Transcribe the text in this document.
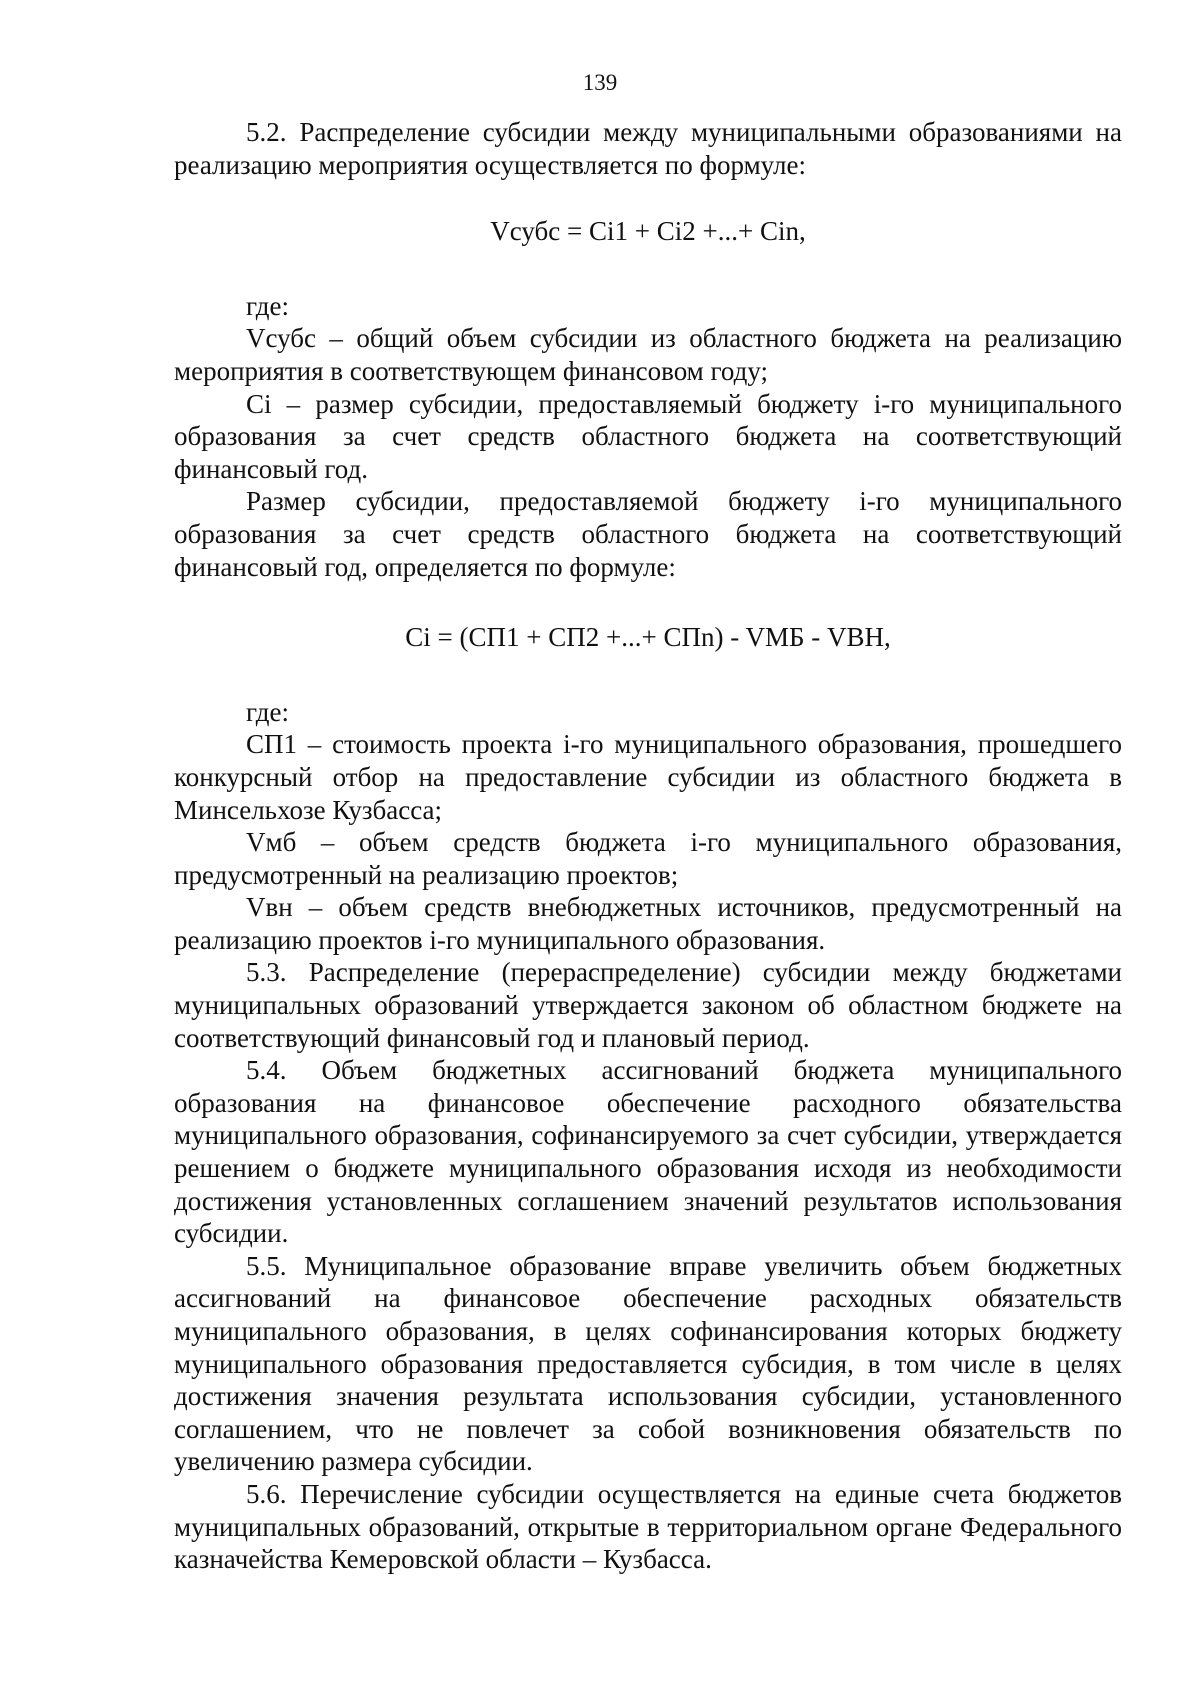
139

5.2. Распределение субсидии между муниципальными образованиями на реализацию мероприятия осуществляется по формуле:

Vсубс = Ci1 + Ci2 +...+ Cin,

где:

Vсубс – общий объем субсидии из областного бюджета на реализацию мероприятия в соответствующем финансовом году;

Ci – размер субсидии, предоставляемый бюджету i-го муниципального образования за счет средств областного бюджета на соответствующий финансовый год.

Размер субсидии, предоставляемой бюджету i-го муниципального образования за счет средств областного бюджета на соответствующий финансовый год, определяется по формуле:

Ci = (СП1 + СП2 +...+ СПn) - VМБ - VВН,

где:

СП1 – стоимость проекта i-го муниципального образования, прошедшего конкурсный отбор на предоставление субсидии из областного бюджета в Минсельхозе Кузбасса;

Vмб – объем средств бюджета i-го муниципального образования, предусмотренный на реализацию проектов;

Vвн – объем средств внебюджетных источников, предусмотренный на реализацию проектов i-го муниципального образования.

5.3. Распределение (перераспределение) субсидии между бюджетами муниципальных образований утверждается законом об областном бюджете на соответствующий финансовый год и плановый период.

5.4. Объем бюджетных ассигнований бюджета муниципального образования на финансовое обеспечение расходного обязательства муниципального образования, софинансируемого за счет субсидии, утверждается решением о бюджете муниципального образования исходя из необходимости достижения установленных соглашением значений результатов использования субсидии.

5.5. Муниципальное образование вправе увеличить объем бюджетных ассигнований на финансовое обеспечение расходных обязательств муниципального образования, в целях софинансирования которых бюджету муниципального образования предоставляется субсидия, в том числе в целях достижения значения результата использования субсидии, установленного соглашением, что не повлечет за собой возникновения обязательств по увеличению размера субсидии.

5.6. Перечисление субсидии осуществляется на единые счета бюджетов муниципальных образований, открытые в территориальном органе Федерального казначейства Кемеровской области – Кузбасса.
